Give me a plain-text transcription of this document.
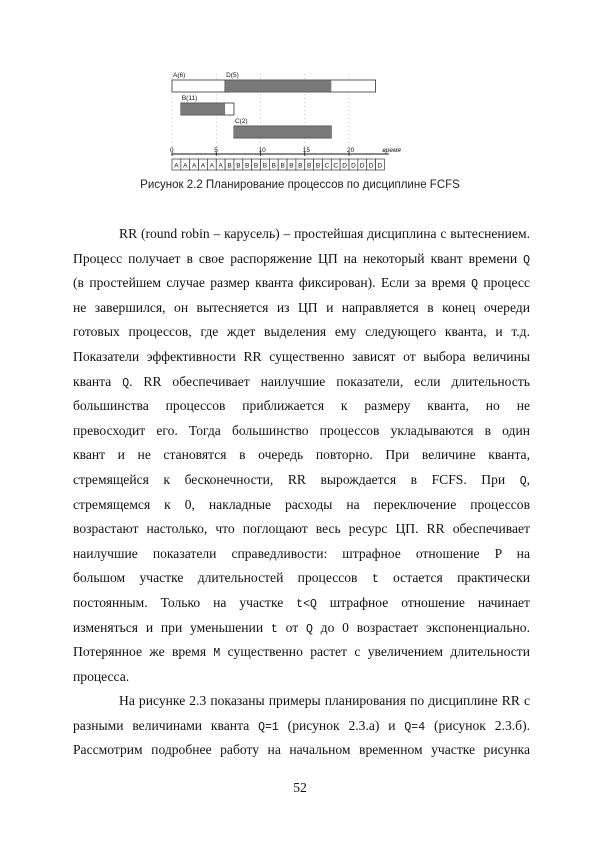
A(6)	D(5)
B(11)
C(2)
0	5	10	15	20	время
A A A A A A B B B B B B B B B B B C C D D D D D
Рисунок 2.2 Планирование процессов по дисциплине FCFS
RR (round robin – карусель) – простейшая дисциплина с вытеснением.
Процесс получает в свое распоряжение ЦП на некоторый квант времени Q
(в простейшем случае размер кванта фиксирован). Если за время Q процесс
не завершился, он вытесняется из ЦП и направляется в конец очереди
готовых процессов, где ждет выделения ему следующего кванта, и т.д.
Показатели эффективности RR существенно зависят от выбора величины
кванта Q. RR обеспечивает наилучшие показатели, если длительность
большинства процессов приближается к размеру кванта, но не
превосходит его. Тогда большинство процессов укладываются в один
квант и не становятся в очередь повторно. При величине кванта,
стремящейся к бесконечности, RR вырождается в FCFS. При Q,
стремящемся к 0, накладные расходы на переключение процессов
возрастают настолько, что поглощают весь ресурс ЦП. RR обеспечивает
наилучшие показатели справедливости: штрафное отношение P на
большом участке длительностей процессов t остается практически
постоянным. Только на участке t<Q штрафное отношение начинает
изменяться и при уменьшении t от Q до 0 возрастает экспоненциально.
Потерянное же время M существенно растет с увеличением длительности
процесса.
На рисунке 2.3 показаны примеры планирования по дисциплине RR с
разными величинами кванта Q=1 (рисунок 2.3.а) и Q=4 (рисунок 2.3.б).
Рассмотрим подробнее работу на начальном временном участке рисунка
52
